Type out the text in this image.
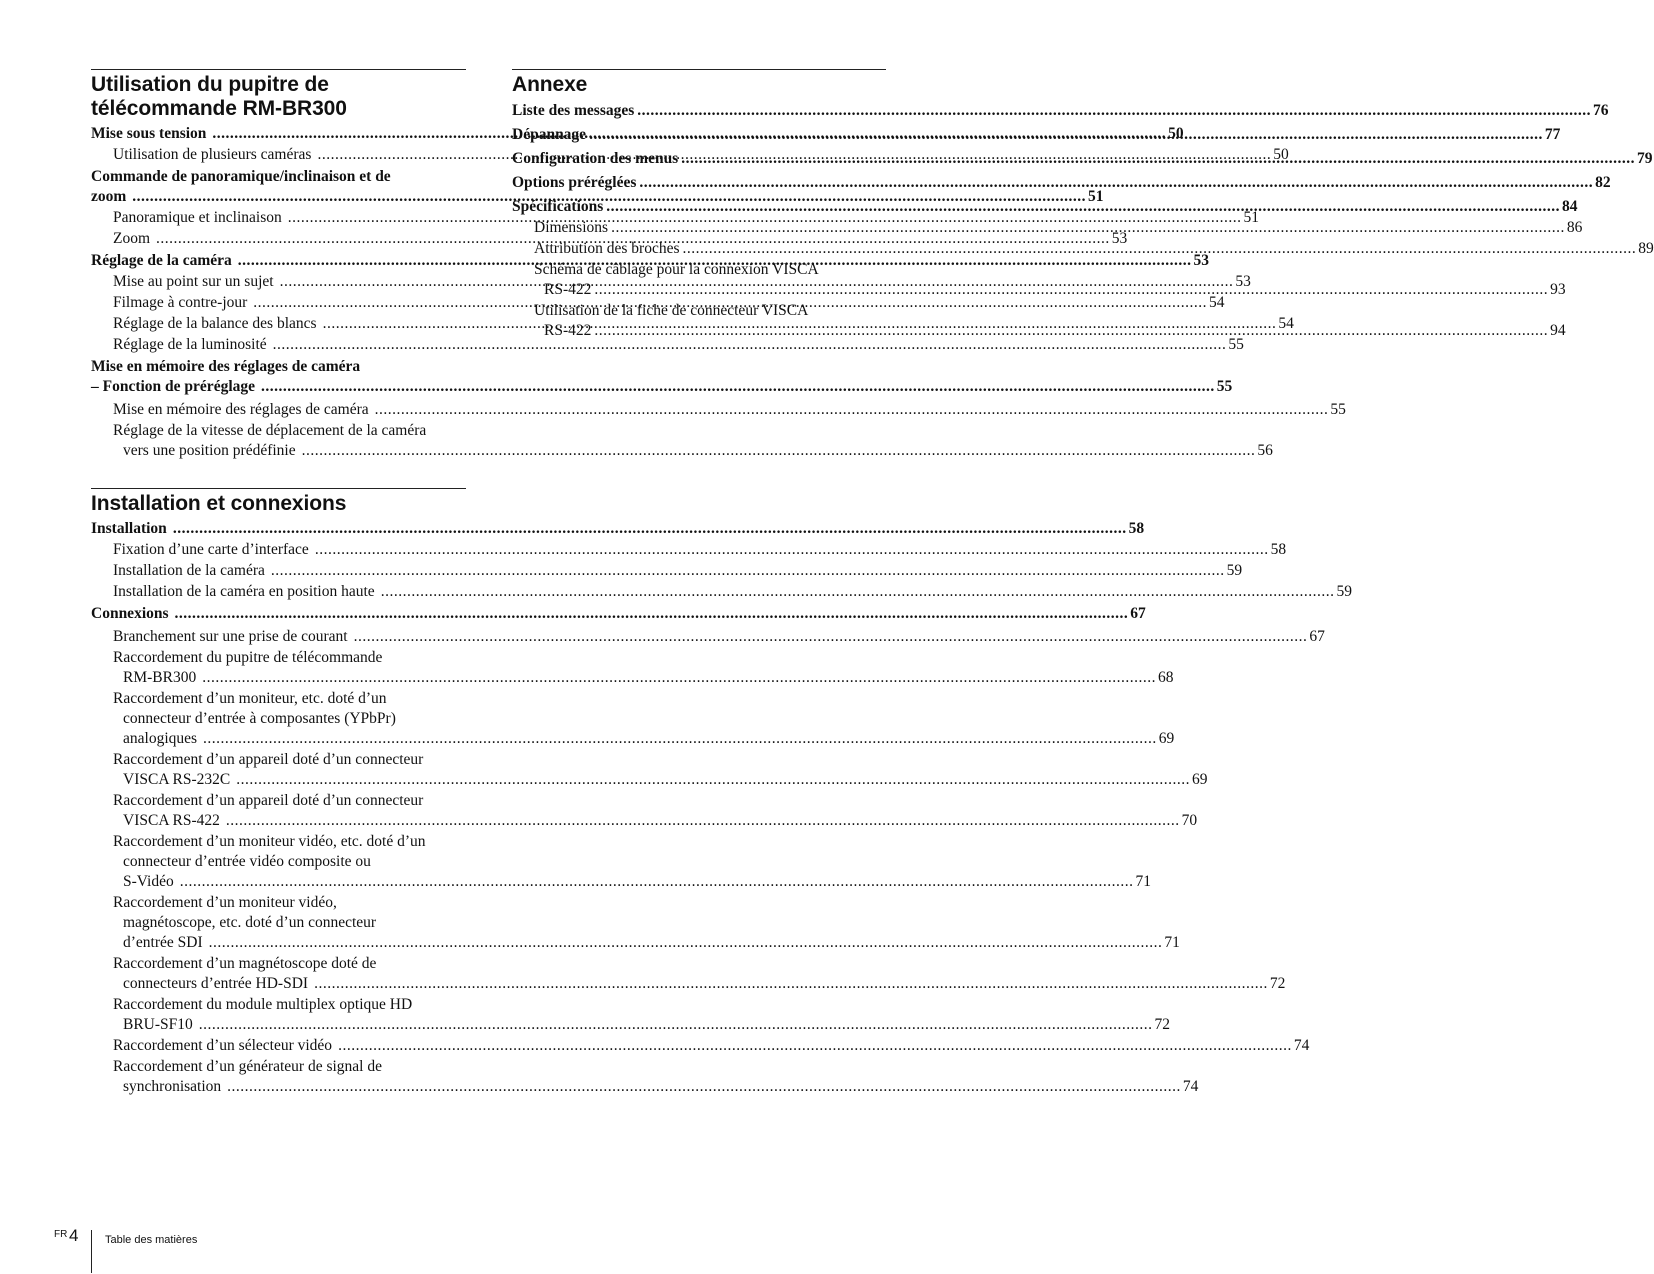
Utilisation du pupitre de
télécommande RM-BR300
Mise sous tension .....	50
Utilisation de plusieurs caméras .....	50
Commande de panoramique/inclinaison et de
zoom .....	51
Panoramique et inclinaison .....	51
Zoom .....	53
Réglage de la caméra .....	53
Mise au point sur un sujet .....	53
Filmage à contre-jour .....	54
Réglage de la balance des blancs .....	54
Réglage de la luminosité .....	55
Mise en mémoire des réglages de caméra
– Fonction de préréglage .....	55
Mise en mémoire des réglages de caméra .....	55
Réglage de la vitesse de déplacement de la caméra
vers une position prédéfinie .....	56
Installation et connexions
Installation .....	58
Fixation d’une carte d’interface .....	58
Installation de la caméra .....	59
Installation de la caméra en position haute .....	59
Connexions .....	67
Branchement sur une prise de courant .....	67
Raccordement du pupitre de télécommande
RM-BR300 .....	68
Raccordement d’un moniteur, etc. doté d’un
connecteur d’entrée à composantes (YPbPr)
analogiques .....	69
Raccordement d’un appareil doté d’un connecteur
VISCA RS-232C .....	69
Raccordement d’un appareil doté d’un connecteur
VISCA RS-422 .....	70
Raccordement d’un moniteur vidéo, etc. doté d’un
connecteur d’entrée vidéo composite ou
S-Vidéo .....	71
Raccordement d’un moniteur vidéo,
magnétoscope, etc. doté d’un connecteur
d’entrée SDI .....	71
Raccordement d’un magnétoscope doté de
connecteurs d’entrée HD-SDI .....	72
Raccordement du module multiplex optique HD
BRU-SF10 .....	72
Raccordement d’un sélecteur vidéo .....	74
Raccordement d’un générateur de signal de
synchronisation .....	74
Annexe
Liste des messages .....	76
Dépannage .....	77
Configuration des menus .....	79
Options préréglées .....	82
Spécifications .....	84
Dimensions .....	86
Attribution des broches .....	89
Schéma de câblage pour la connexion VISCA
RS-422 .....	93
Utilisation de la fiche de connecteur VISCA
RS-422 .....	94
FR 4 Table des matières
